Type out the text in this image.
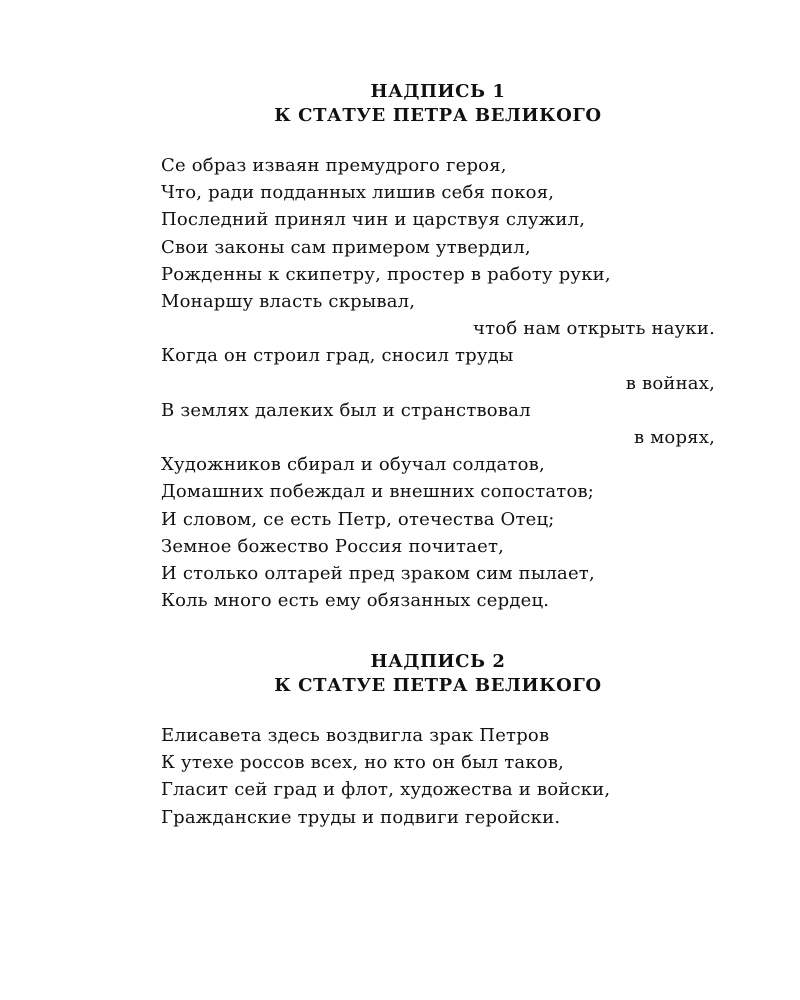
НАДПИСЬ 1
К СТАТУЕ ПЕТРА ВЕЛИКОГО
Се образ изваян премудрого героя,
Что, ради подданных лишив себя покоя,
Последний принял чин и царствуя служил,
Свои законы сам примером утвердил,
Рожденны к скипетру, простер в работу руки,
Монаршу власть скрывал,
чтоб нам открыть науки.
Когда он строил град, сносил труды
в войнах,
В землях далеких был и странствовал
в морях,
Художников сбирал и обучал солдатов,
Домашних побеждал и внешних сопостатов;
И словом, се есть Петр, отечества Отец;
Земное божество Россия почитает,
И столько олтарей пред зраком сим пылает,
Коль много есть ему обязанных сердец.
НАДПИСЬ 2
К СТАТУЕ ПЕТРА ВЕЛИКОГО
Елисавета здесь воздвигла зрак Петров
К утехе россов всех, но кто он был таков,
Гласит сей град и флот, художества и войски,
Гражданские труды и подвиги геройски.
